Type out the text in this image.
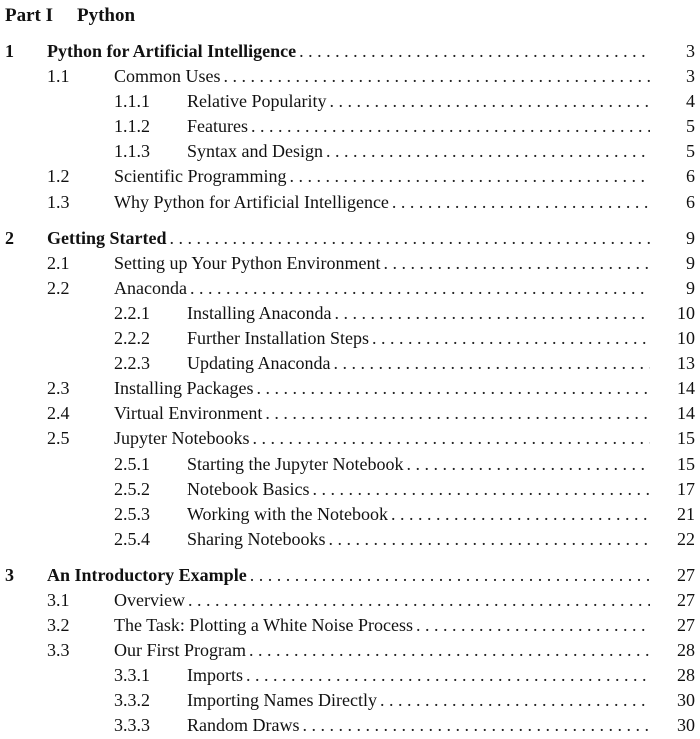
Part I Python
1 Python for Artificial Intelligence . . .	3
1.1 Common Uses . . .	3
1.1.1 Relative Popularity . . .	4
1.1.2 Features . . .	5
1.1.3 Syntax and Design . . .	5
1.2 Scientific Programming . . .	6
1.3 Why Python for Artificial Intelligence . . .	6
2 Getting Started . . .	9
2.1 Setting up Your Python Environment . . .	9
2.2 Anaconda . . .	9
2.2.1 Installing Anaconda . . .	10
2.2.2 Further Installation Steps . . .	10
2.2.3 Updating Anaconda . . .	13
2.3 Installing Packages . . .	14
2.4 Virtual Environment . . .	14
2.5 Jupyter Notebooks . . .	15
2.5.1 Starting the Jupyter Notebook . . .	15
2.5.2 Notebook Basics . . .	17
2.5.3 Working with the Notebook . . .	21
2.5.4 Sharing Notebooks . . .	22
3 An Introductory Example . . .	27
3.1 Overview . . .	27
3.2 The Task: Plotting a White Noise Process . . .	27
3.3 Our First Program . . .	28
3.3.1 Imports . . .	28
3.3.2 Importing Names Directly . . .	30
3.3.3 Random Draws . . .	30
